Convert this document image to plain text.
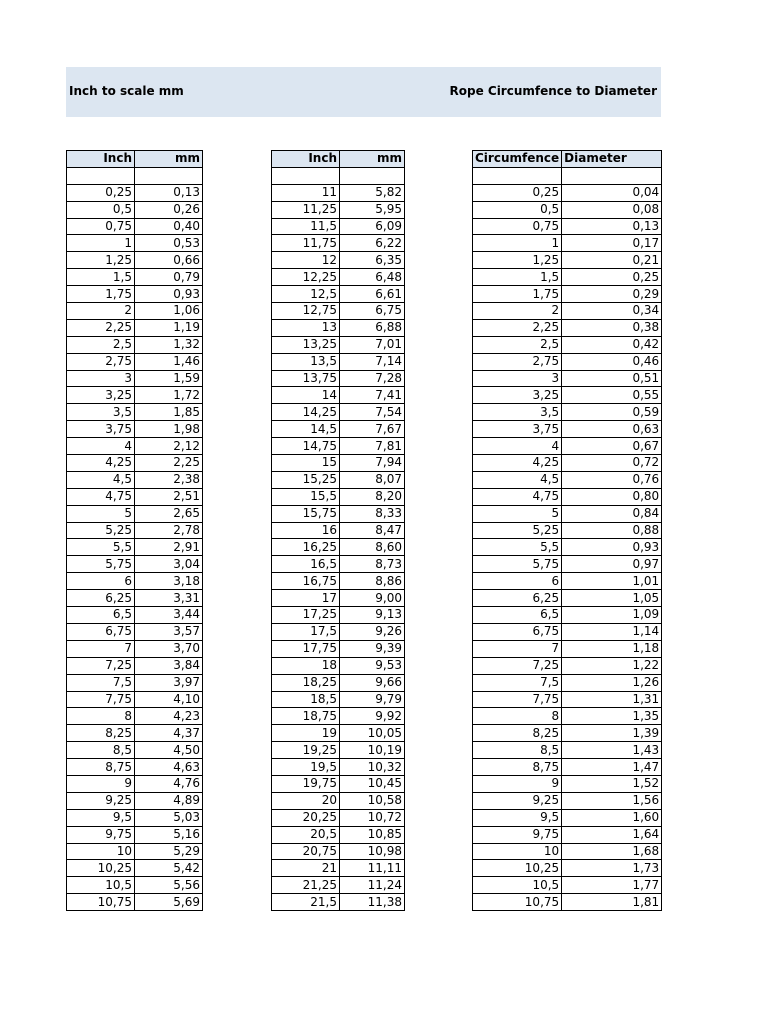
Inch to scale mm	Rope Circumfence to Diameter
Inch	mm

0,25	0,13
0,5	0,26
0,75	0,40
1	0,53
1,25	0,66
1,5	0,79
1,75	0,93
2	1,06
2,25	1,19
2,5	1,32
2,75	1,46
3	1,59
3,25	1,72
3,5	1,85
3,75	1,98
4	2,12
4,25	2,25
4,5	2,38
4,75	2,51
5	2,65
5,25	2,78
5,5	2,91
5,75	3,04
6	3,18
6,25	3,31
6,5	3,44
6,75	3,57
7	3,70
7,25	3,84
7,5	3,97
7,75	4,10
8	4,23
8,25	4,37
8,5	4,50
8,75	4,63
9	4,76
9,25	4,89
9,5	5,03
9,75	5,16
10	5,29
10,25	5,42
10,5	5,56
10,75	5,69
Inch	mm

11	5,82
11,25	5,95
11,5	6,09
11,75	6,22
12	6,35
12,25	6,48
12,5	6,61
12,75	6,75
13	6,88
13,25	7,01
13,5	7,14
13,75	7,28
14	7,41
14,25	7,54
14,5	7,67
14,75	7,81
15	7,94
15,25	8,07
15,5	8,20
15,75	8,33
16	8,47
16,25	8,60
16,5	8,73
16,75	8,86
17	9,00
17,25	9,13
17,5	9,26
17,75	9,39
18	9,53
18,25	9,66
18,5	9,79
18,75	9,92
19	10,05
19,25	10,19
19,5	10,32
19,75	10,45
20	10,58
20,25	10,72
20,5	10,85
20,75	10,98
21	11,11
21,25	11,24
21,5	11,38
Circumfence	Diameter

0,25	0,04
0,5	0,08
0,75	0,13
1	0,17
1,25	0,21
1,5	0,25
1,75	0,29
2	0,34
2,25	0,38
2,5	0,42
2,75	0,46
3	0,51
3,25	0,55
3,5	0,59
3,75	0,63
4	0,67
4,25	0,72
4,5	0,76
4,75	0,80
5	0,84
5,25	0,88
5,5	0,93
5,75	0,97
6	1,01
6,25	1,05
6,5	1,09
6,75	1,14
7	1,18
7,25	1,22
7,5	1,26
7,75	1,31
8	1,35
8,25	1,39
8,5	1,43
8,75	1,47
9	1,52
9,25	1,56
9,5	1,60
9,75	1,64
10	1,68
10,25	1,73
10,5	1,77
10,75	1,81
